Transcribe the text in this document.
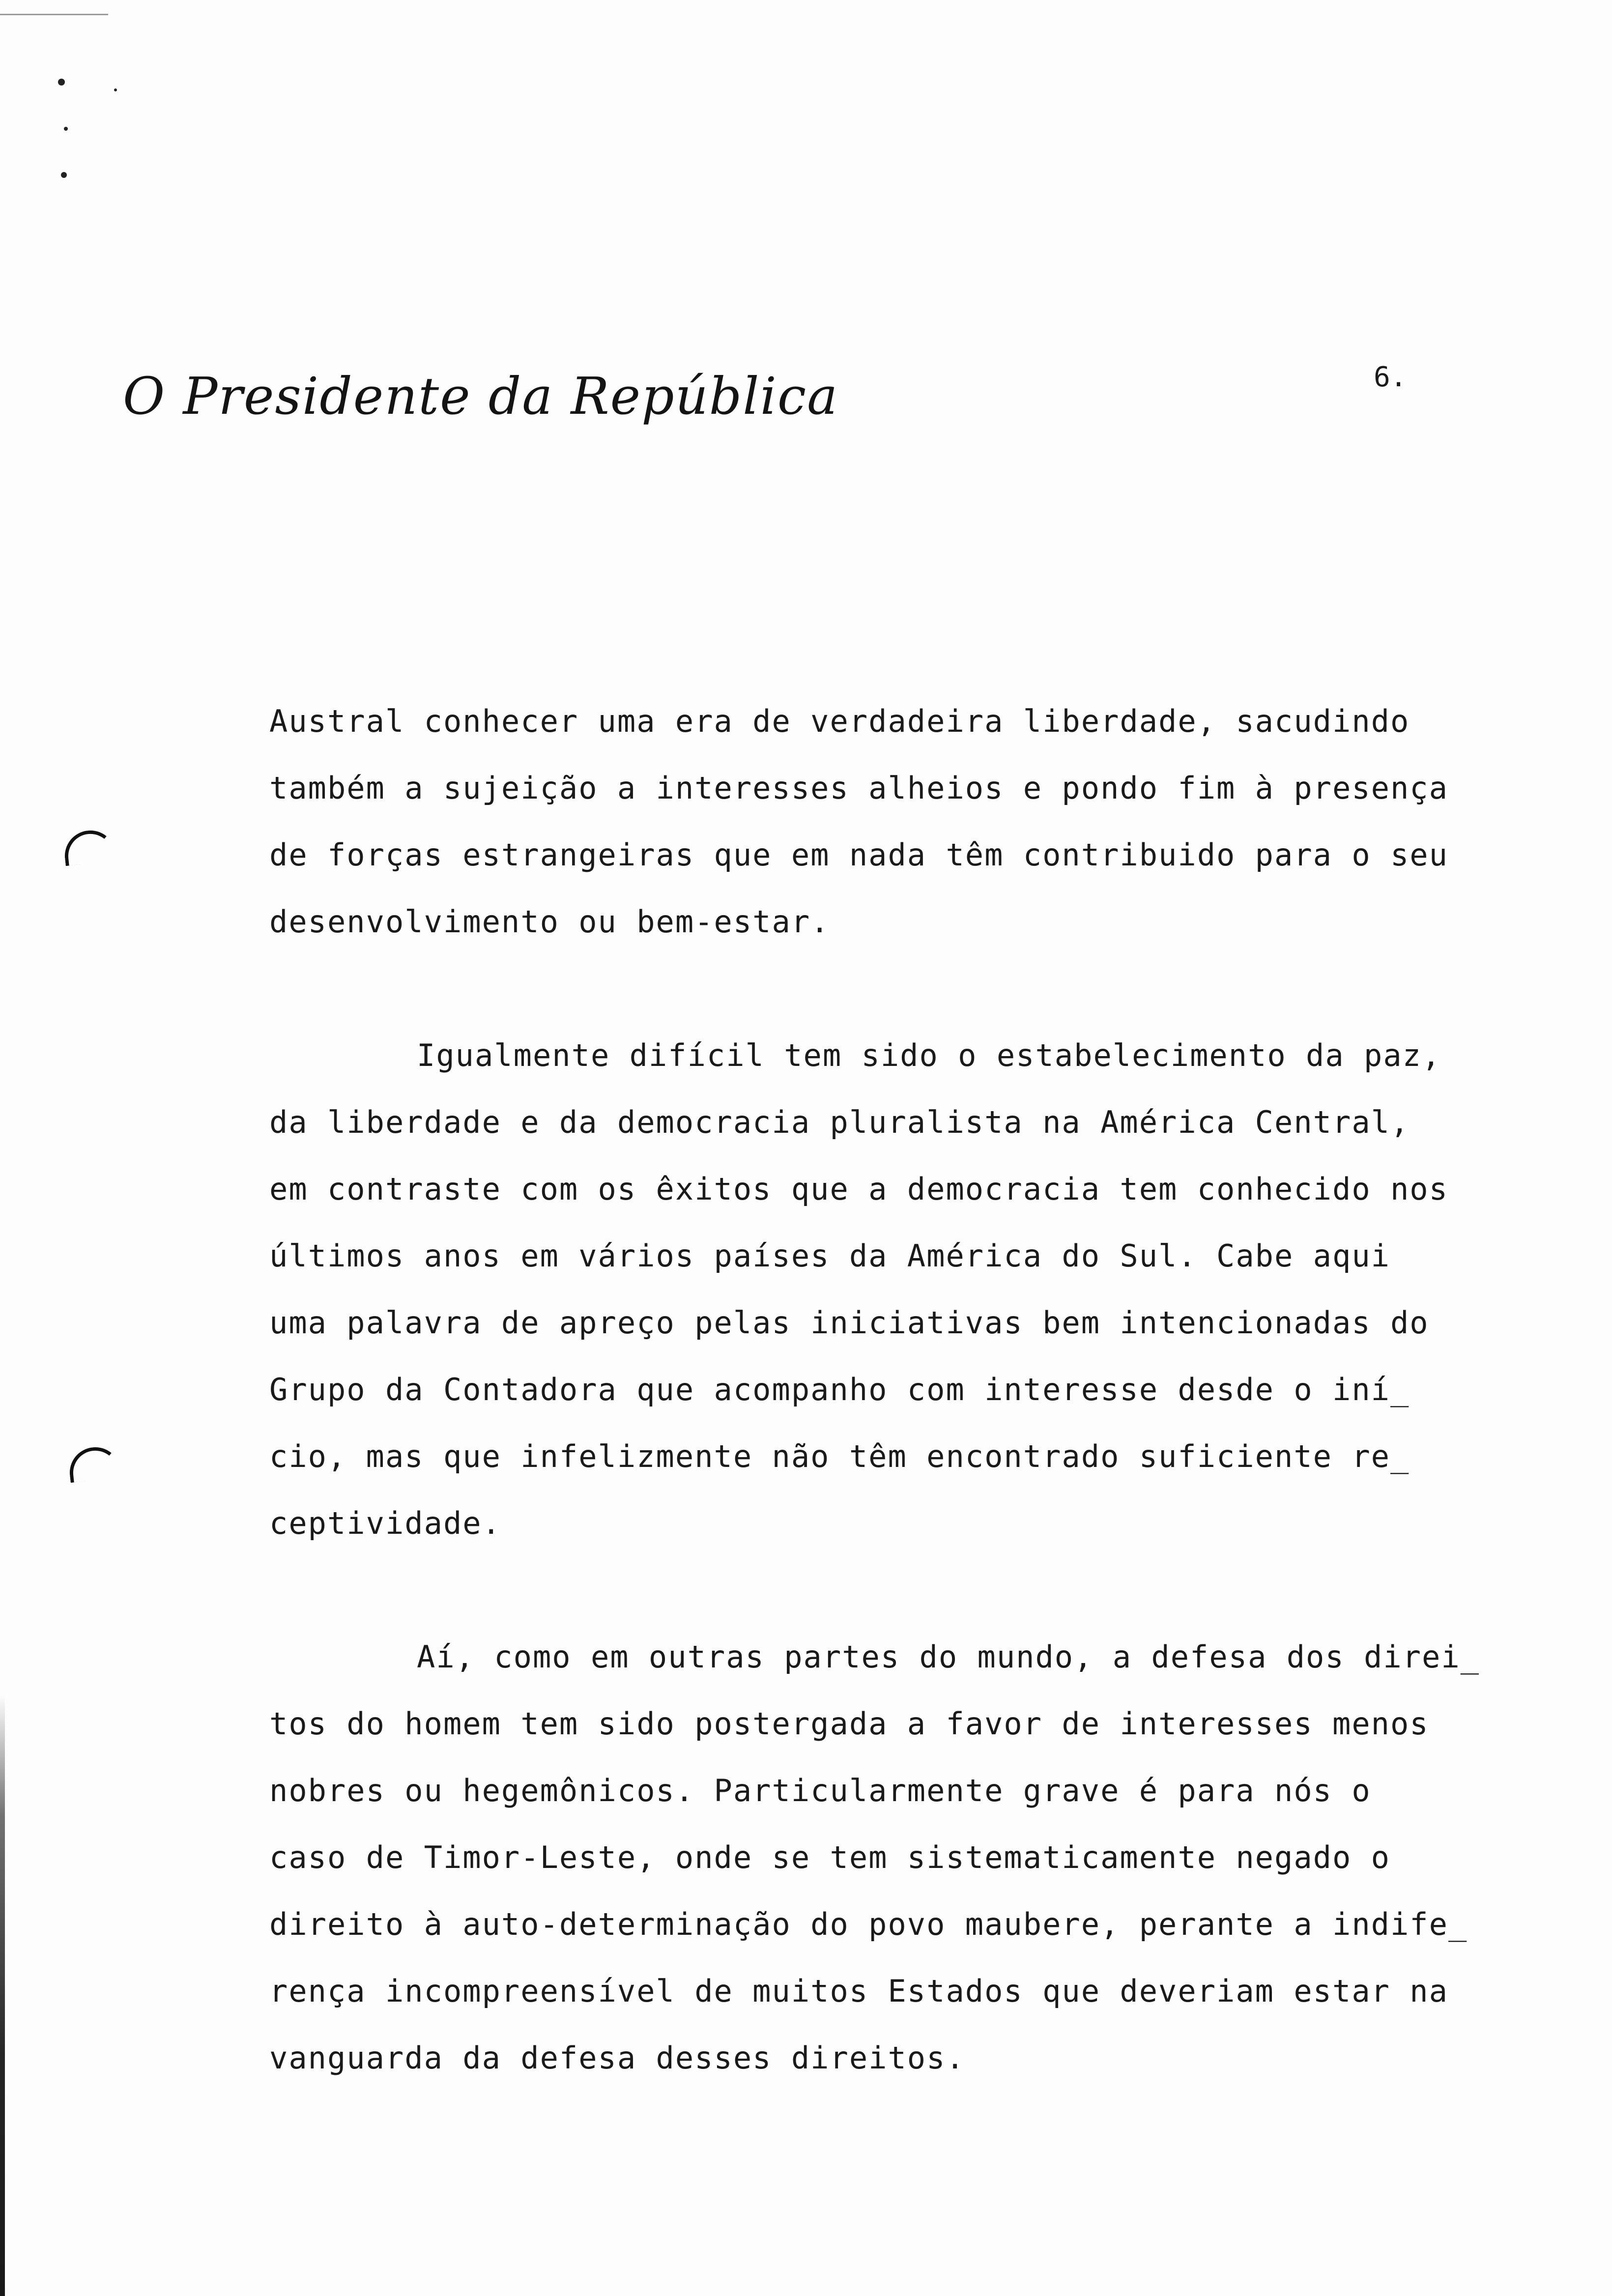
O Presidente da República	6.

Austral conhecer uma era de verdadeira liberdade, sacudindo
também a sujeição a interesses alheios e pondo fim à presença
de forças estrangeiras que em nada têm contribuido para o seu
desenvolvimento ou bem-estar.

Igualmente difícil tem sido o estabelecimento da paz,
da liberdade e da democracia pluralista na América Central,
em contraste com os êxitos que a democracia tem conhecido nos
últimos anos em vários países da América do Sul. Cabe aqui
uma palavra de apreço pelas iniciativas bem intencionadas do
Grupo da Contadora que acompanho com interesse desde o iní_
cio, mas que infelizmente não têm encontrado suficiente re_
ceptividade.

Aí, como em outras partes do mundo, a defesa dos direi_
tos do homem tem sido postergada a favor de interesses menos
nobres ou hegemônicos. Particularmente grave é para nós o
caso de Timor-Leste, onde se tem sistematicamente negado o
direito à auto-determinação do povo maubere, perante a indife_
rença incompreensível de muitos Estados que deveriam estar na
vanguarda da defesa desses direitos.
